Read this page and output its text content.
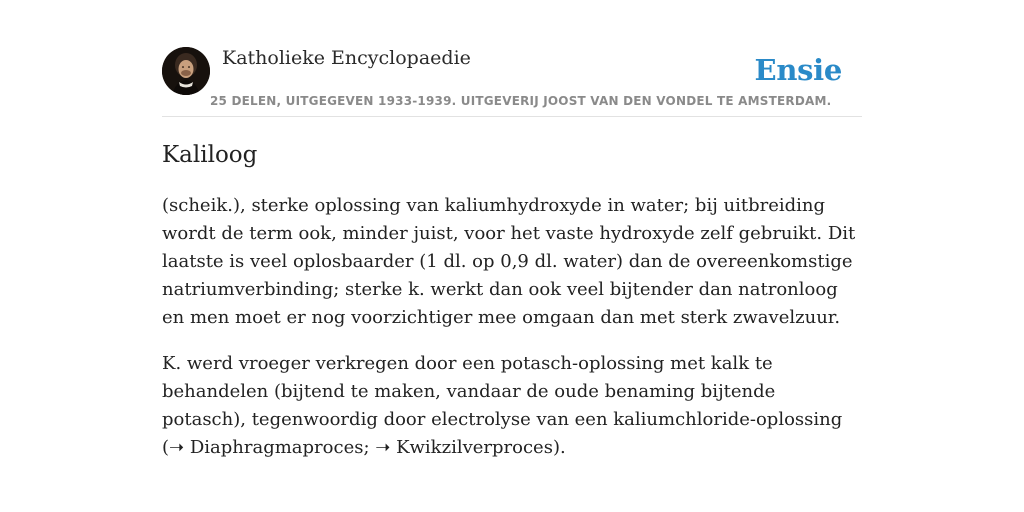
Katholieke Encyclopaedie
25 DELEN, UITGEGEVEN 1933-1939. UITGEVERIJ JOOST VAN DEN VONDEL TE AMSTERDAM.
Ensie
Kaliloog

(scheik.), sterke oplossing van kaliumhydroxyde in water; bij uitbreiding wordt de term ook, minder juist, voor het vaste hydroxyde zelf gebruikt. Dit laatste is veel oplosbaarder (1 dl. op 0,9 dl. water) dan de overeenkomstige natriumverbinding; sterke k. werkt dan ook veel bijtender dan natronloog en men moet er nog voorzichtiger mee omgaan dan met sterk zwavelzuur.

K. werd vroeger verkregen door een potasch-oplossing met kalk te behandelen (bijtend te maken, vandaar de oude benaming bijtende potasch), tegenwoordig door electrolyse van een kaliumchloride-oplossing (➝ Diaphragmaproces; ➝ Kwikzilverproces).
